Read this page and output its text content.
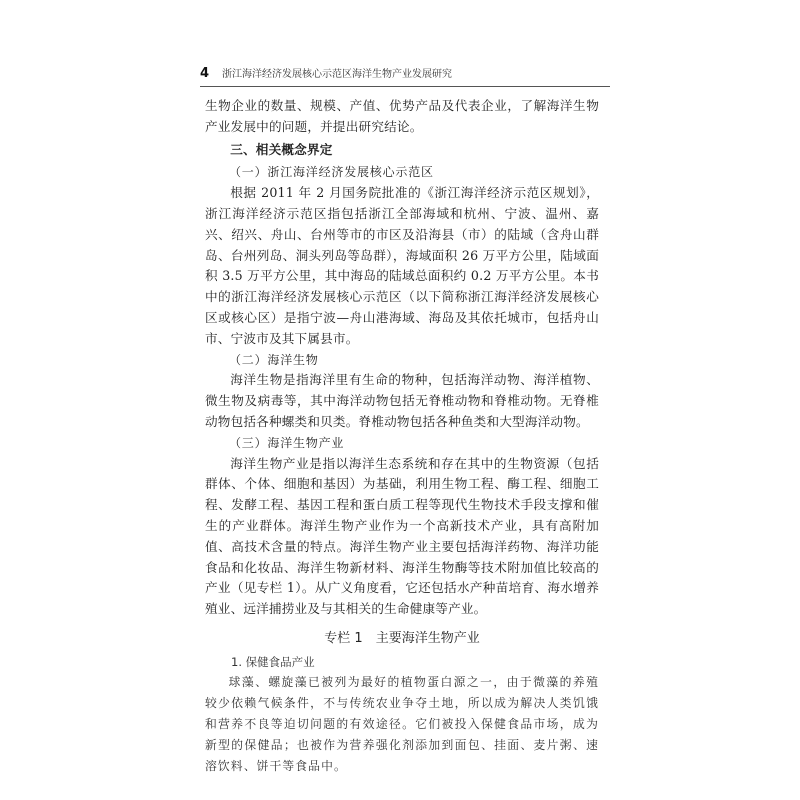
4 浙江海洋经济发展核心示范区海洋生物产业发展研究

生物企业的数量、规模、产值、优势产品及代表企业，了解海洋生物产业发展中的问题，并提出研究结论。

三、相关概念界定

（一）浙江海洋经济发展核心示范区

根据 2011 年 2 月国务院批准的《浙江海洋经济示范区规划》，浙江海洋经济示范区指包括浙江全部海域和杭州、宁波、温州、嘉兴、绍兴、舟山、台州等市的市区及沿海县（市）的陆域（含舟山群岛、台州列岛、洞头列岛等岛群），海域面积 26 万平方公里，陆域面积 3.5 万平方公里，其中海岛的陆域总面积约 0.2 万平方公里。本书中的浙江海洋经济发展核心示范区（以下简称浙江海洋经济发展核心区或核心区）是指宁波—舟山港海域、海岛及其依托城市，包括舟山市、宁波市及其下属县市。

（二）海洋生物

海洋生物是指海洋里有生命的物种，包括海洋动物、海洋植物、微生物及病毒等，其中海洋动物包括无脊椎动物和脊椎动物。无脊椎动物包括各种螺类和贝类。脊椎动物包括各种鱼类和大型海洋动物。

（三）海洋生物产业

海洋生物产业是指以海洋生态系统和存在其中的生物资源（包括群体、个体、细胞和基因）为基础，利用生物工程、酶工程、细胞工程、发酵工程、基因工程和蛋白质工程等现代生物技术手段支撑和催生的产业群体。海洋生物产业作为一个高新技术产业，具有高附加值、高技术含量的特点。海洋生物产业主要包括海洋药物、海洋功能食品和化妆品、海洋生物新材料、海洋生物酶等技术附加值比较高的产业（见专栏 1）。从广义角度看，它还包括水产种苗培育、海水增养殖业、远洋捕捞业及与其相关的生命健康等产业。

专栏 1　主要海洋生物产业

1. 保健食品产业

球藻、螺旋藻已被列为最好的植物蛋白源之一，由于微藻的养殖较少依赖气候条件，不与传统农业争夺土地，所以成为解决人类饥饿和营养不良等迫切问题的有效途径。它们被投入保健食品市场，成为新型的保健品；也被作为营养强化剂添加到面包、挂面、麦片粥、速溶饮料、饼干等食品中。
